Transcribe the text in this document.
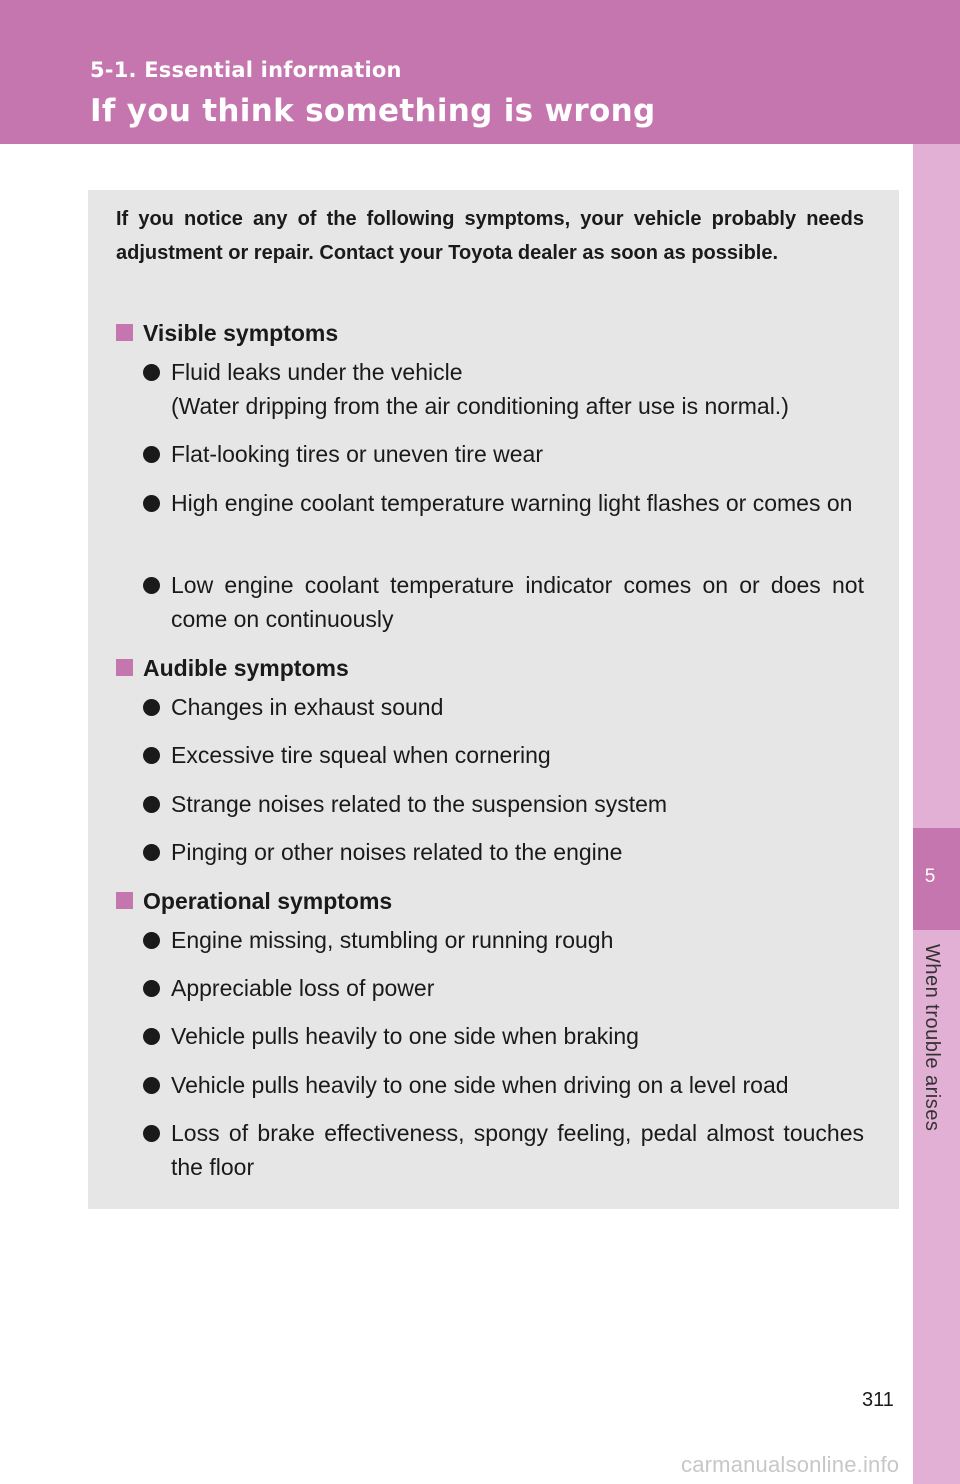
5-1. Essential information
If you think something is wrong
5
When trouble arises
If you notice any of the following symptoms, your vehicle probably needs adjustment or repair. Contact your Toyota dealer as soon as possible.
Visible symptoms
Fluid leaks under the vehicle
(Water dripping from the air conditioning after use is normal.)
Flat-looking tires or uneven tire wear
High engine coolant temperature warning light flashes or comes on
Low engine coolant temperature indicator comes on or does not come on continuously
Audible symptoms
Changes in exhaust sound
Excessive tire squeal when cornering
Strange noises related to the suspension system
Pinging or other noises related to the engine
Operational symptoms
Engine missing, stumbling or running rough
Appreciable loss of power
Vehicle pulls heavily to one side when braking
Vehicle pulls heavily to one side when driving on a level road
Loss of brake effectiveness, spongy feeling, pedal almost touches the floor
311
carmanualsonline.info
